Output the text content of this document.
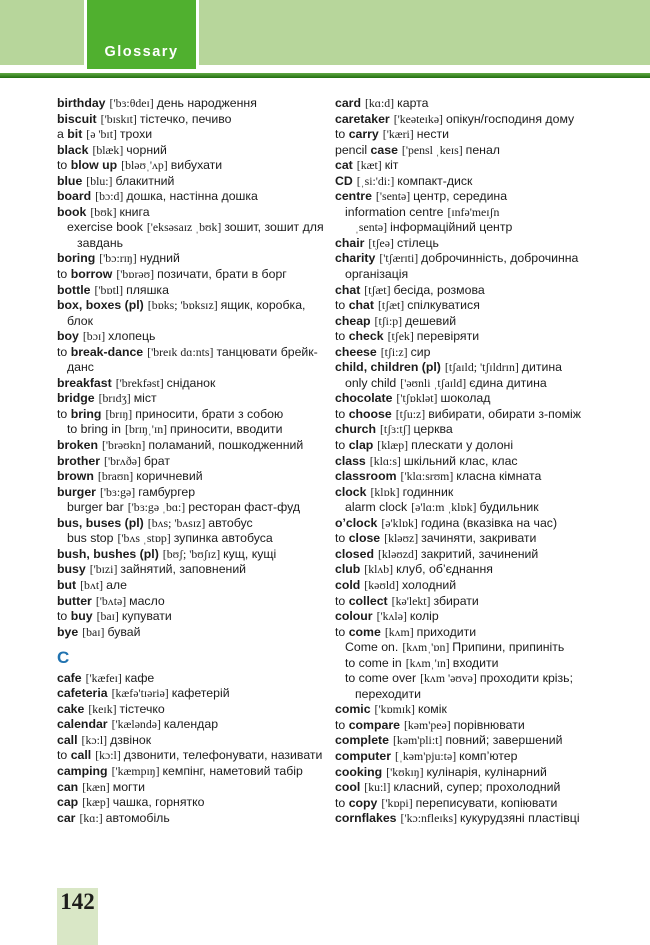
Glossary
birthday ['bɜ:θdeɪ] день народження
biscuit ['bɪskɪt] тістечко, печиво
a bit [ə 'bɪt] трохи
black [blæk] чорний
to blow up [bləʊˌ'ʌp] вибухати
blue [blu:] блакитний
board [bɔ:d] дошка, настінна дошка
book [bʊk] книга
exercise book ['eksəsaɪz ˌbʊk] зошит, зошит для завдань
boring ['bɔ:rɪŋ] нудний
to borrow ['bɒrəʊ] позичати, брати в борг
bottle ['bɒtl] пляшка
box, boxes (pl) [bɒks; 'bɒksɪz] ящик, коробка, блок
boy [bɔɪ] хлопець
to break-dance ['breɪk dɑ:nts] танцювати брейк-данс
breakfast ['brekfəst] сніданок
bridge [brɪdʒ] міст
to bring [brɪŋ] приносити, брати з собою
to bring in [brɪŋˌ'ɪn] приносити, вводити
broken ['brəʊkn] поламаний, пошкодженний
brother ['brʌðə] брат
brown [braʊn] коричневий
burger ['bɜ:gə] гамбургер
burger bar ['bɜ:gə ˌbɑ:] ресторан фаст-фуд
bus, buses (pl) [bʌs; 'bʌsɪz] автобус
bus stop ['bʌs ˌstɒp] зупинка автобуса
bush, bushes (pl) [bʊʃ; 'bʊʃɪz] кущ, кущі
busy ['bɪzi] зайнятий, заповнений
but [bʌt] але
butter ['bʌtə] масло
to buy [baɪ] купувати
bye [baɪ] бувай
C
cafe ['kæfeɪ] кафе
cafeteria [kæfə'tɪəriə] кафетерій
cake [keɪk] тістечко
calendar ['kæləndə] календар
call [kɔ:l] дзвінок
to call [kɔ:l] дзвонити, телефонувати, називати
camping ['kæmpɪŋ] кемпінг, наметовий табір
can [kæn] могти
cap [kæp] чашка, горнятко
car [kɑ:] автомобіль
card [kɑ:d] карта
caretaker ['keəteɪkə] опікун/господиня дому
to carry ['kæri] нести
pencil case ['pensl ˌkeɪs] пенал
cat [kæt] кіт
CD [ˌsi:'di:] компакт-диск
centre ['sentə] центр, середина
information centre [ɪnfə'meɪʃn ˌsentə] інформаційний центр
chair [tʃeə] стілець
charity ['tʃærɪti] доброчинність, доброчинна організація
chat [tʃæt] бесіда, розмова
to chat [tʃæt] спілкуватися
cheap [tʃi:p] дешевий
to check [tʃek] перевіряти
cheese [tʃi:z] сир
child, children (pl) [tʃaɪld; 'tʃɪldrɪn] дитина
only child ['əʊnli ˌtʃaɪld] єдина дитина
chocolate ['tʃɒklət] шоколад
to choose [tʃu:z] вибирати, обирати з-поміж
church [tʃɜ:tʃ] церква
to clap [klæp] плескати у долоні
class [klɑ:s] шкільний клас, клас
classroom ['klɑ:srʊm] класна кімната
clock [klɒk] годинник
alarm clock [ə'lɑ:m ˌklɒk] будильник
o’clock [ə'klɒk] година (вказівка на час)
to close [kləʊz] зачиняти, закривати
closed [kləʊzd] закритий, зачинений
club [klʌb] клуб, об’єднання
cold [kəʊld] холодний
to collect [kə'lekt] збирати
colour ['kʌlə] колір
to come [kʌm] приходити
Come on. [kʌmˌ'ɒn] Припини, припиніть
to come in [kʌmˌ'ɪn] входити
to come over [kʌm 'əʊvə] проходити крізь; переходити
comic ['kɒmɪk] комік
to compare [kəm'peə] порівнювати
complete [kəm'pli:t] повний; завершений
computer [ˌkəm'pju:tə] комп’ютер
cooking ['kʊkɪŋ] кулінарія, кулінарний
cool [ku:l] класний, супер; прохолодний
to copy ['kɒpi] переписувати, копіювати
cornflakes ['kɔ:nfleɪks] кукурудзяні пластівці
142
